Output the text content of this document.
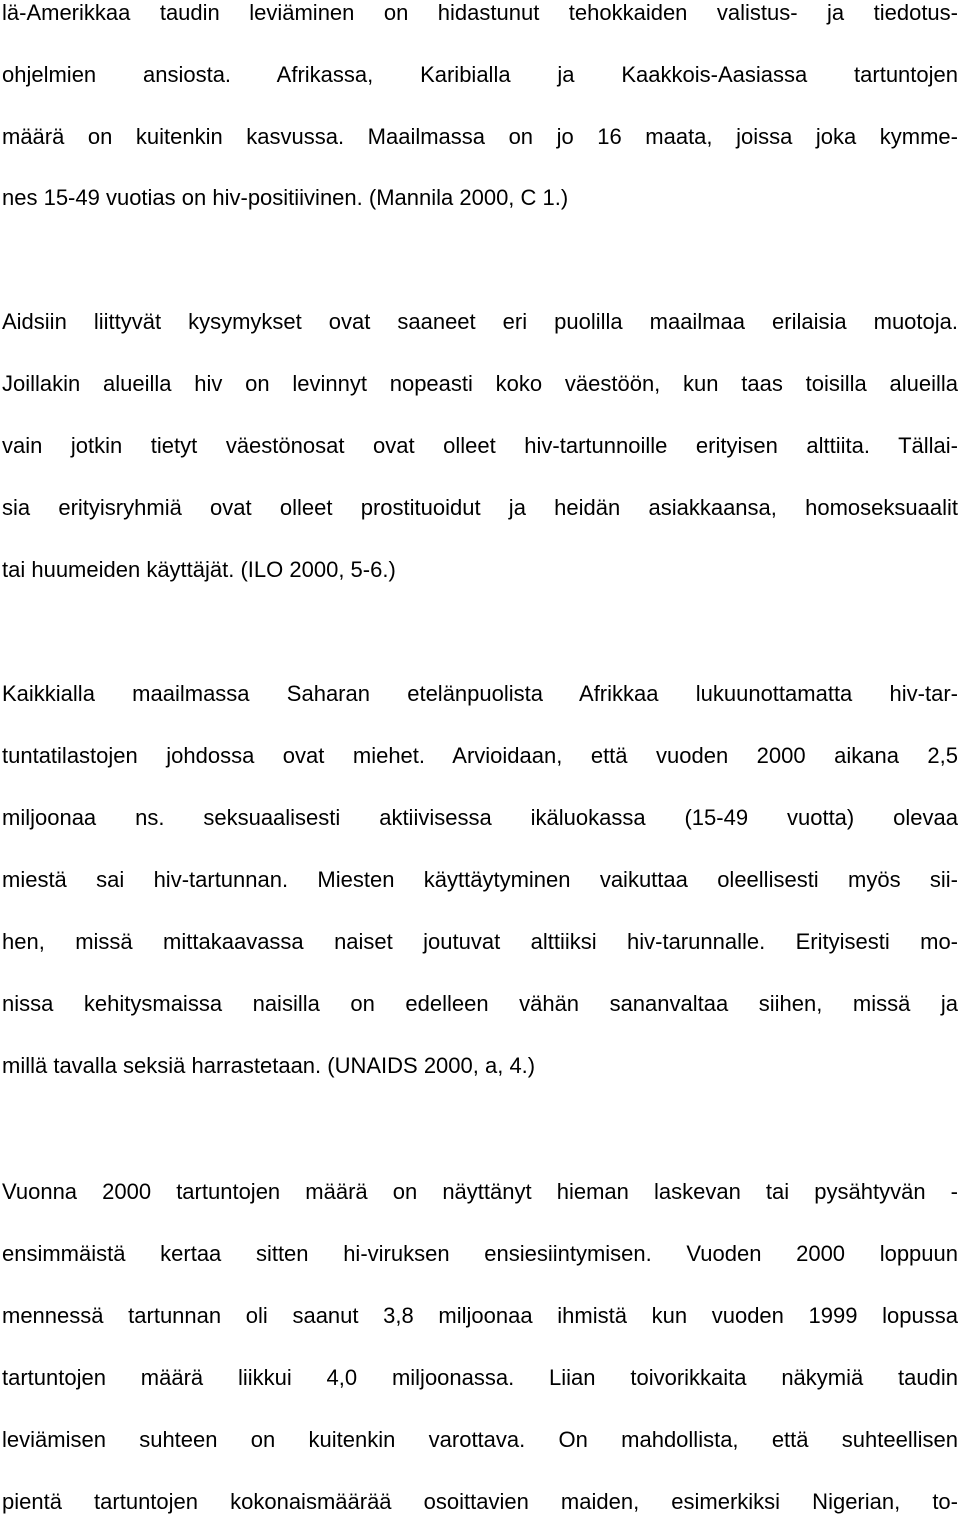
lä-Amerikkaa taudin leviäminen on hidastunut tehokkaiden valistus- ja tiedotus-
ohjelmien ansiosta. Afrikassa, Karibialla ja Kaakkois-Aasiassa tartuntojen
määrä on kuitenkin kasvussa. Maailmassa on jo 16 maata, joissa joka kymme-
nes 15-49 vuotias on hiv-positiivinen. (Mannila 2000, C 1.)
Aidsiin liittyvät kysymykset ovat saaneet eri puolilla maailmaa erilaisia muotoja.
Joillakin alueilla hiv on levinnyt nopeasti koko väestöön, kun taas toisilla alueilla
vain jotkin tietyt väestönosat ovat olleet hiv-tartunnoille erityisen alttiita. Tällai-
sia erityisryhmiä ovat olleet prostituoidut ja heidän asiakkaansa, homoseksuaalit
tai huumeiden käyttäjät. (ILO 2000, 5-6.)
Kaikkialla maailmassa Saharan etelänpuolista Afrikkaa lukuunottamatta hiv-tar-
tuntatilastojen johdossa ovat miehet. Arvioidaan, että vuoden 2000 aikana 2,5
miljoonaa ns. seksuaalisesti aktiivisessa ikäluokassa (15-49 vuotta) olevaa
miestä sai hiv-tartunnan. Miesten käyttäytyminen vaikuttaa oleellisesti myös sii-
hen, missä mittakaavassa naiset joutuvat alttiiksi hiv-tarunnalle. Erityisesti mo-
nissa kehitysmaissa naisilla on edelleen vähän sananvaltaa siihen, missä ja
millä tavalla seksiä harrastetaan. (UNAIDS 2000, a, 4.)
Vuonna 2000 tartuntojen määrä on näyttänyt hieman laskevan tai pysähtyvän -
ensimmäistä kertaa sitten hi-viruksen ensiesiintymisen. Vuoden 2000 loppuun
mennessä tartunnan oli saanut 3,8 miljoonaa ihmistä kun vuoden 1999 lopussa
tartuntojen määrä liikkui 4,0 miljoonassa. Liian toivorikkaita näkymiä taudin
leviämisen suhteen on kuitenkin varottava. On mahdollista, että suhteellisen
pientä tartuntojen kokonaismäärää osoittavien maiden, esimerkiksi Nigerian, to-
